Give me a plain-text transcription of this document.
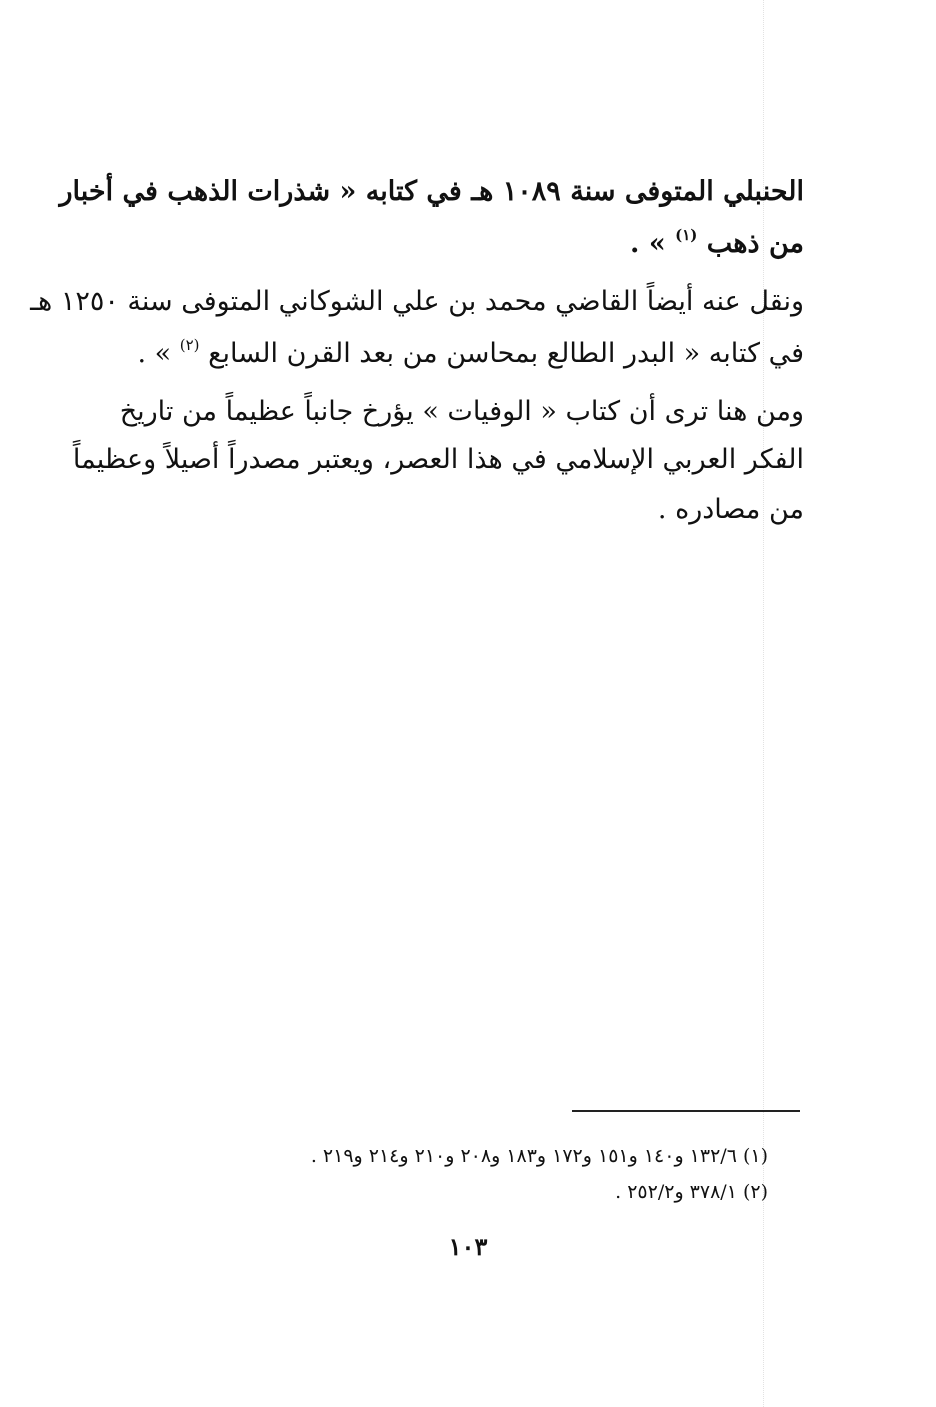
الحنبلي المتوفى سنة ١٠٨٩ هـ في كتابه « شذرات الذهب في أخبار
من ذهب $^{(١)}$ » .
ونقل عنه أيضاً القاضي محمد بن علي الشوكاني المتوفى سنة ١٢٥٠ هـ
في كتابه « البدر الطالع بمحاسن من بعد القرن السابع $^{(٢)}$ » .
ومن هنا ترى أن كتاب « الوفيات » يؤرخ جانباً عظيماً من تاريخ
الفكر العربي الإسلامي في هذا العصر، ويعتبر مصدراً أصيلاً وعظيماً
من مصادره .
(١) ١٣٢/٦ و١٤٠ و١٥١ و١٧٢ و١٨٣ و٢٠٨ و٢١٠ و٢١٤ و٢١٩ .
(٢) ٣٧٨/١ و٢٥٢/٢ .
١٠٣
